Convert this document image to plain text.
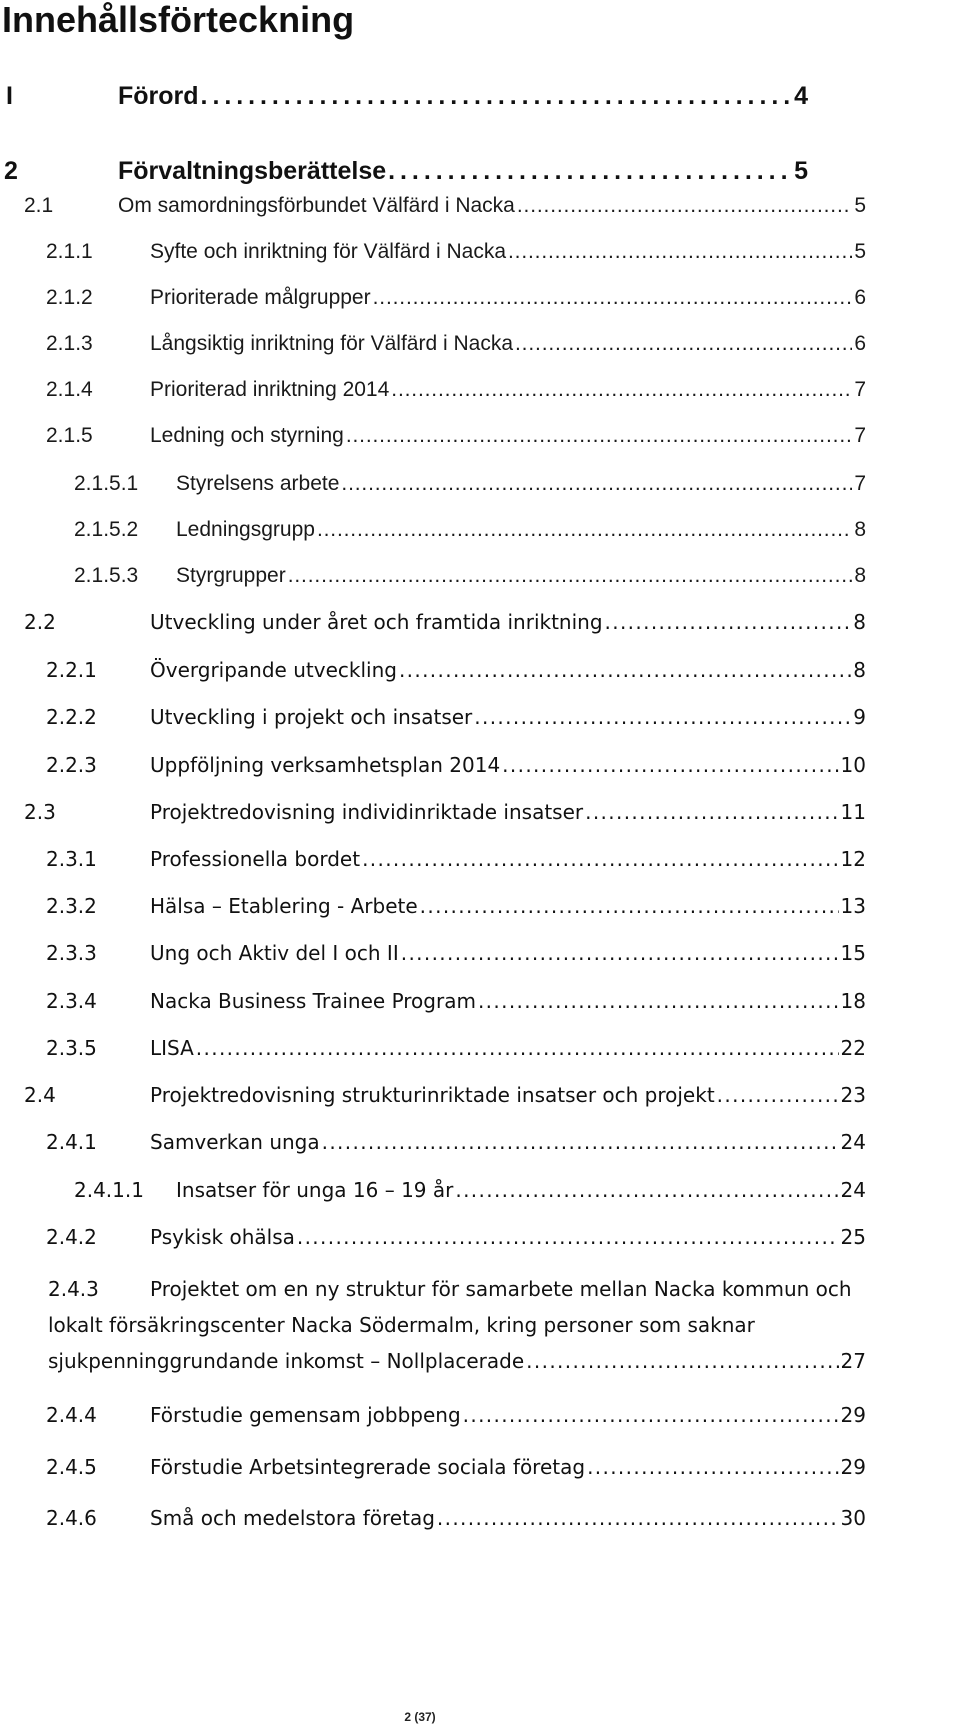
Innehållsförteckning
I	Förord . . .	4
2	Förvaltningsberättelse . . .	5
2.1	Om samordningsförbundet Välfärd i Nacka . . .	5
2.1.1	Syfte och inriktning för Välfärd i Nacka . . .	5
2.1.2	Prioriterade målgrupper . . .	6
2.1.3	Långsiktig inriktning för Välfärd i Nacka . . .	6
2.1.4	Prioriterad inriktning 2014 . . .	7
2.1.5	Ledning och styrning . . .	7
2.1.5.1 Styrelsens arbete . . .	7
2.1.5.2 Ledningsgrupp . . .	8
2.1.5.3 Styrgrupper . . .	8
2.2	Utveckling under året och framtida inriktning . . .	8
2.2.1	Övergripande utveckling . . .	8
2.2.2	Utveckling i projekt och insatser . . .	9
2.2.3	Uppföljning verksamhetsplan 2014 . . .	10
2.3	Projektredovisning individinriktade insatser . . .	11
2.3.1	Professionella bordet . . .	12
2.3.2	Hälsa – Etablering - Arbete . . .	13
2.3.3	Ung och Aktiv del I och II . . .	15
2.3.4	Nacka Business Trainee Program . . .	18
2.3.5	LISA . . .	22
2.4	Projektredovisning strukturinriktade insatser och projekt . . .	23
2.4.1	Samverkan unga . . .	24
2.4.1.1 Insatser för unga 16 – 19 år . . .	24
2.4.2	Psykisk ohälsa . . .	25
2.4.3	Projektet om en ny struktur för samarbete mellan Nacka kommun och
lokalt försäkringscenter Nacka Södermalm, kring personer som saknar
sjukpenninggrundande inkomst – Nollplacerade . . .	27
2.4.4	Förstudie gemensam jobbpeng . . .	29
2.4.5	Förstudie Arbetsintegrerade sociala företag . . .	29
2.4.6	Små och medelstora företag . . .	30
2 (37)
